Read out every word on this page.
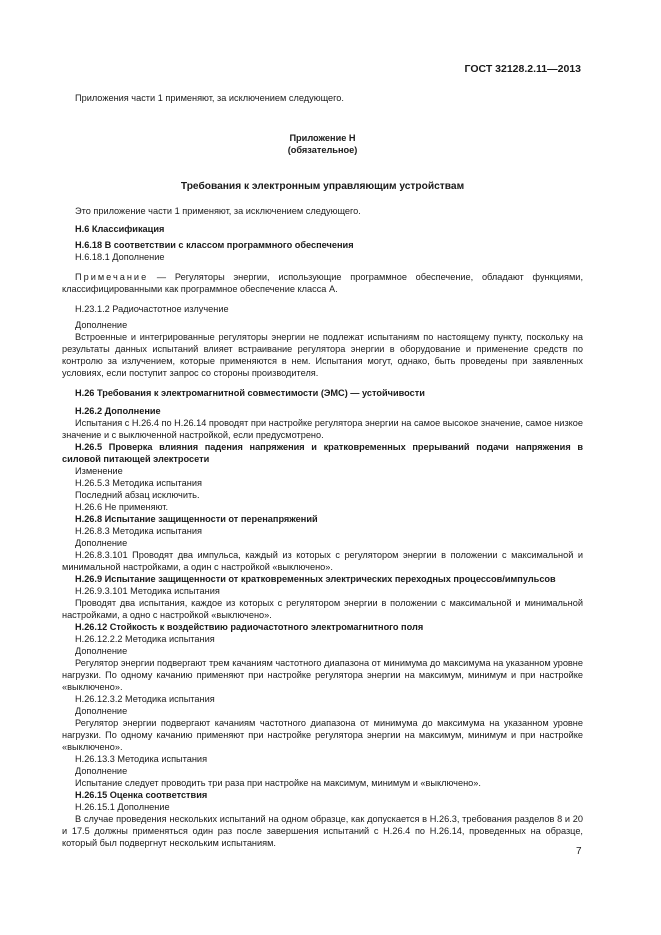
ГОСТ 32128.2.11—2013

Приложения части 1 применяют, за исключением следующего.

Приложение Н
(обязательное)
Требования к электронным управляющим устройствам

Это приложение части 1 применяют, за исключением следующего.

Н.6 Классификация

Н.6.18 В соответствии с классом программного обеспечения

Н.6.18.1 Дополнение

Примечание — Регуляторы энергии, использующие программное обеспечение, обладают функциями, классифицированными как программное обеспечение класса А.

Н.23.1.2 Радиочастотное излучение

Дополнение

Встроенные и интегрированные регуляторы энергии не подлежат испытаниям по настоящему пункту, поскольку на результаты данных испытаний влияет встраивание регулятора энергии в оборудование и применение средств по контролю за излучением, которые применяются в нем. Испытания могут, однако, быть проведены при заявленных условиях, если поступит запрос со стороны производителя.

Н.26 Требования к электромагнитной совместимости (ЭМС) — устойчивости

Н.26.2 Дополнение

Испытания с Н.26.4 по Н.26.14 проводят при настройке регулятора энергии на самое высокое значение, самое низкое значение и с выключенной настройкой, если предусмотрено.

Н.26.5 Проверка влияния падения напряжения и кратковременных прерываний подачи напряжения в силовой питающей электросети

Изменение

Н.26.5.3 Методика испытания

Последний абзац исключить.

Н.26.6 Не применяют.

Н.26.8 Испытание защищенности от перенапряжений

Н.26.8.3 Методика испытания

Дополнение

Н.26.8.3.101 Проводят два импульса, каждый из которых с регулятором энергии в положении с максимальной и минимальной настройками, а один с настройкой «выключено».

Н.26.9 Испытание защищенности от кратковременных электрических переходных процессов/импульсов

Н.26.9.3.101 Методика испытания

Проводят два испытания, каждое из которых с регулятором энергии в положении с максимальной и минимальной настройками, а одно с настройкой «выключено».

Н.26.12 Стойкость к воздействию радиочастотного электромагнитного поля

Н.26.12.2.2 Методика испытания

Дополнение

Регулятор энергии подвергают трем качаниям частотного диапазона от минимума до максимума на указанном уровне нагрузки. По одному качанию применяют при настройке регулятора энергии на максимум, минимум и при настройке «выключено».

Н.26.12.3.2 Методика испытания

Дополнение

Регулятор энергии подвергают качаниям частотного диапазона от минимума до максимума на указанном уровне нагрузки. По одному качанию применяют при настройке регулятора энергии на максимум, минимум и при настройке «выключено».

Н.26.13.3 Методика испытания

Дополнение

Испытание следует проводить три раза при настройке на максимум, минимум и «выключено».

Н.26.15 Оценка соответствия

Н.26.15.1 Дополнение

В случае проведения нескольких испытаний на одном образце, как допускается в Н.26.3, требования разделов 8 и 20 и 17.5 должны применяться один раз после завершения испытаний с Н.26.4 по Н.26.14, проведенных на образце, который был подвергнут нескольким испытаниям.

7
